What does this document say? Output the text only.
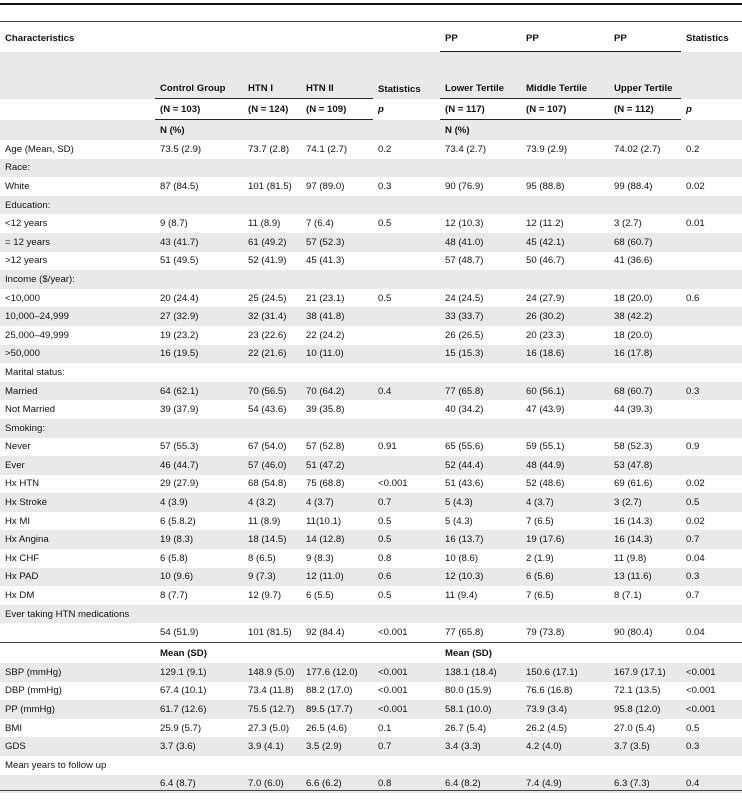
Characteristics					PP	PP	PP	Statistics
	Control Group	HTN I	HTN II	Statistics	Lower Tertile	Middle Tertile	Upper Tertile	
	(N = 103)	(N = 124)	(N = 109)	p	(N = 117)	(N = 107)	(N = 112)	p
	N (%)				N (%)			
Age (Mean, SD)	73.5 (2.9)	73.7 (2.8)	74.1 (2.7)	0.2	73.4 (2.7)	73.9 (2.9)	74.02 (2.7)	0.2
Race:								
White	87 (84.5)	101 (81.5)	97 (89.0)	0.3	90 (76.9)	95 (88.8)	99 (88.4)	0.02
Education:								
<12 years	9 (8.7)	11 (8.9)	7 (6.4)	0.5	12 (10.3)	12 (11.2)	3 (2.7)	0.01
= 12 years	43 (41.7)	61 (49.2)	57 (52.3)		48 (41.0)	45 (42.1)	68 (60.7)	
>12 years	51 (49.5)	52 (41.9)	45 (41.3)		57 (48.7)	50 (46.7)	41 (36.6)	
Income ($/year):								
<10,000	20 (24.4)	25 (24.5)	21 (23.1)	0.5	24 (24.5)	24 (27.9)	18 (20.0)	0.6
10,000–24,999	27 (32.9)	32 (31.4)	38 (41.8)		33 (33.7)	26 (30.2)	38 (42.2)	
25,000–49,999	19 (23.2)	23 (22.6)	22 (24.2)		26 (26.5)	20 (23.3)	18 (20.0)	
>50,000	16 (19.5)	22 (21.6)	10 (11.0)		15 (15.3)	16 (18.6)	16 (17.8)	
Marital status:								
Married	64 (62.1)	70 (56.5)	70 (64.2)	0.4	77 (65.8)	60 (56.1)	68 (60.7)	0.3
Not Married	39 (37.9)	54 (43.6)	39 (35.8)		40 (34.2)	47 (43.9)	44 (39.3)	
Smoking:								
Never	57 (55.3)	67 (54.0)	57 (52.8)	0.91	65 (55.6)	59 (55.1)	58 (52.3)	0.9
Ever	46 (44.7)	57 (46.0)	51 (47.2)		52 (44.4)	48 (44.9)	53 (47.8)	
Hx HTN	29 (27.9)	68 (54.8)	75 (68.8)	<0.001	51 (43.6)	52 (48.6)	69 (61.6)	0.02
Hx Stroke	4 (3.9)	4 (3.2)	4 (3.7)	0.7	5 (4.3)	4 (3.7)	3 (2.7)	0.5
Hx MI	6 (5.8.2)	11 (8.9)	11(10.1)	0.5	5 (4.3)	7 (6.5)	16 (14.3)	0.02
Hx Angina	19 (8.3)	18 (14.5)	14 (12.8)	0.5	16 (13.7)	19 (17.6)	16 (14.3)	0.7
Hx CHF	6 (5.8)	8 (6.5)	9 (8.3)	0.8	10 (8.6)	2 (1.9)	11 (9.8)	0.04
Hx PAD	10 (9.6)	9 (7.3)	12 (11.0)	0.6	12 (10.3)	6 (5.6)	13 (11.6)	0.3
Hx DM	8 (7.7)	12 (9.7)	6 (5.5)	0.5	11 (9.4)	7 (6.5)	8 (7.1)	0.7
Ever taking HTN medications								
	54 (51.9)	101 (81.5)	92 (84.4)	<0.001	77 (65.8)	79 (73.8)	90 (80.4)	0.04
	Mean (SD)				Mean (SD)			
SBP (mmHg)	129.1 (9.1)	148.9 (5.0)	177.6 (12.0)	<0.001	138.1 (18.4)	150.6 (17.1)	167.9 (17.1)	<0.001
DBP (mmHg)	67.4 (10.1)	73.4 (11.8)	88.2 (17.0)	<0.001	80.0 (15.9)	76.6 (16.8)	72.1 (13.5)	<0.001
PP (mmHg)	61.7 (12.6)	75.5 (12.7)	89.5 (17.7)	<0.001	58.1 (10.0)	73.9 (3.4)	95.8 (12.0)	<0.001
BMI	25.9 (5.7)	27.3 (5.0)	26.5 (4.6)	0.1	26.7 (5.4)	26.2 (4.5)	27.0 (5.4)	0.5
GDS	3.7 (3.6)	3.9 (4.1)	3.5 (2.9)	0.7	3.4 (3.3)	4.2 (4.0)	3.7 (3.5)	0.3
Mean years to follow up								
	6.4 (8.7)	7.0 (6.0)	6.6 (6.2)	0.8	6.4 (8.2)	7.4 (4.9)	6.3 (7.3)	0.4
